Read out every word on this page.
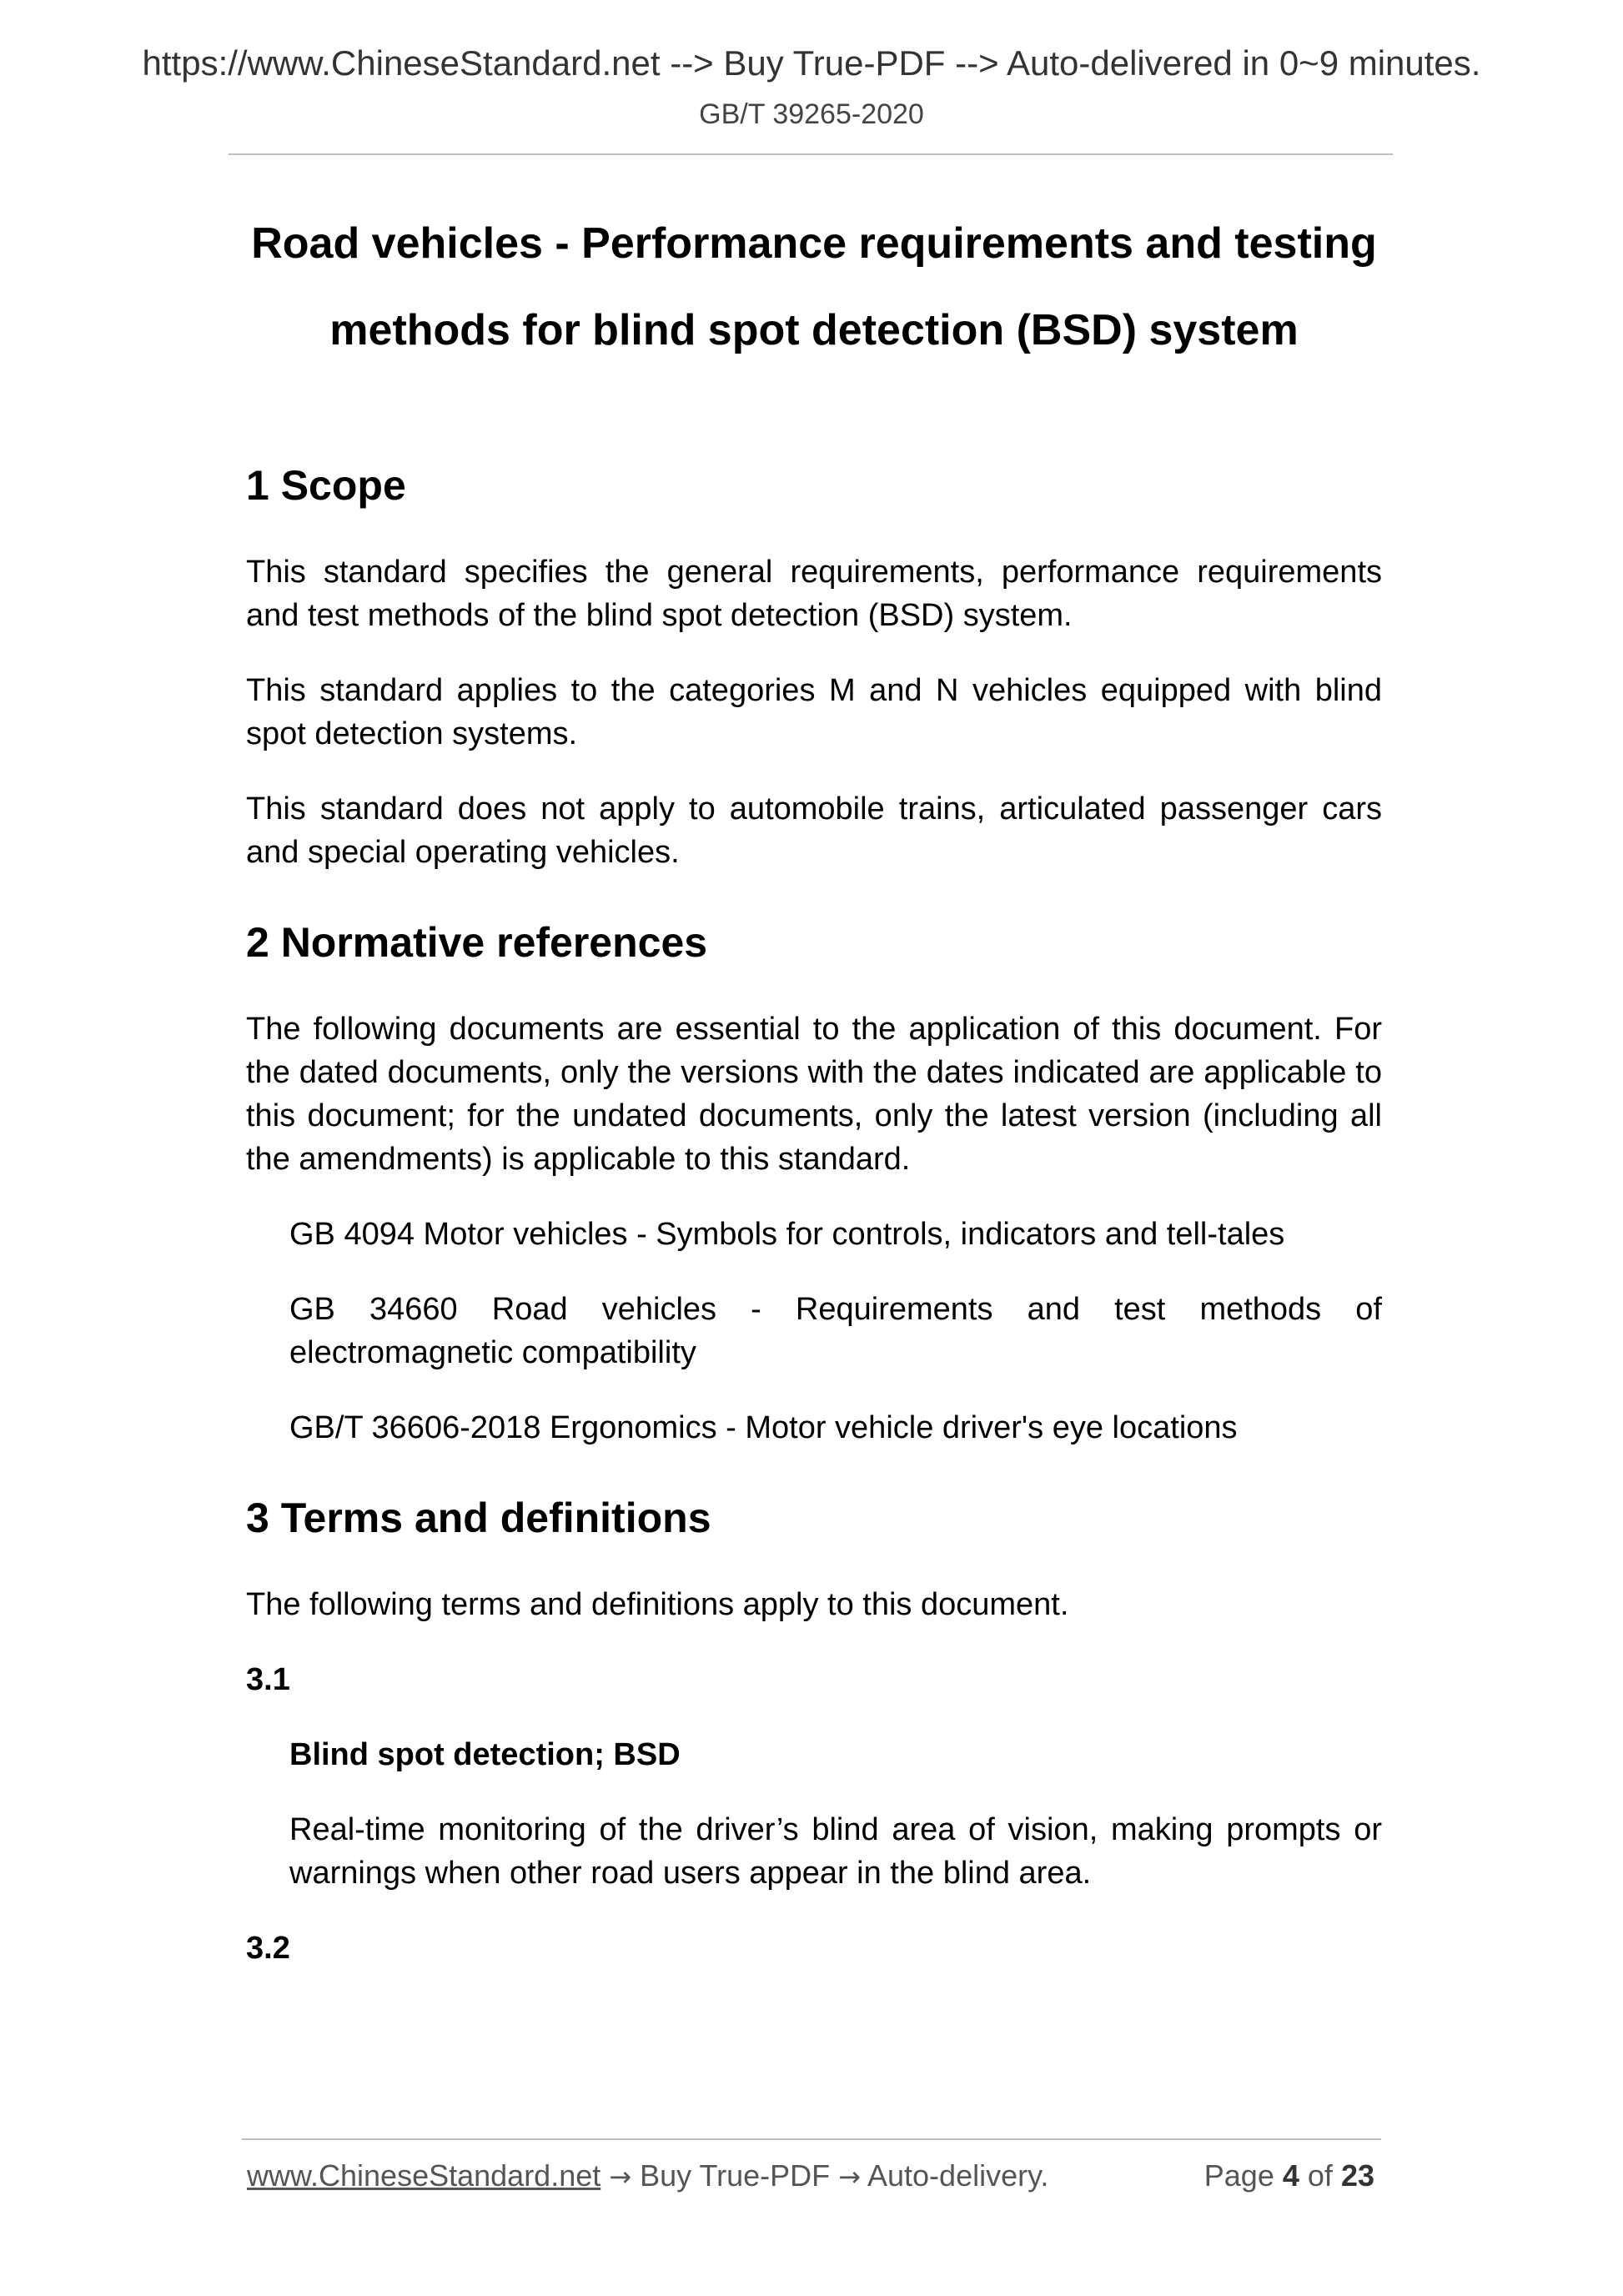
https://www.ChineseStandard.net --> Buy True-PDF --> Auto-delivered in 0~9 minutes.
GB/T 39265-2020
Road vehicles - Performance requirements and testing
methods for blind spot detection (BSD) system
1 Scope

This standard specifies the general requirements, performance requirements and test methods of the blind spot detection (BSD) system.

This standard applies to the categories M and N vehicles equipped with blind spot detection systems.

This standard does not apply to automobile trains, articulated passenger cars and special operating vehicles.

2 Normative references

The following documents are essential to the application of this document. For the dated documents, only the versions with the dates indicated are applicable to this document; for the undated documents, only the latest version (including all the amendments) is applicable to this standard.

GB 4094 Motor vehicles - Symbols for controls, indicators and tell-tales

GB 34660 Road vehicles - Requirements and test methods of electromagnetic compatibility

GB/T 36606-2018 Ergonomics - Motor vehicle driver's eye locations

3 Terms and definitions

The following terms and definitions apply to this document.

3.1

Blind spot detection; BSD

Real-time monitoring of the driver’s blind area of vision, making prompts or warnings when other road users appear in the blind area.

3.2

www.ChineseStandard.net → Buy True-PDF → Auto-delivery.	Page 4 of 23
